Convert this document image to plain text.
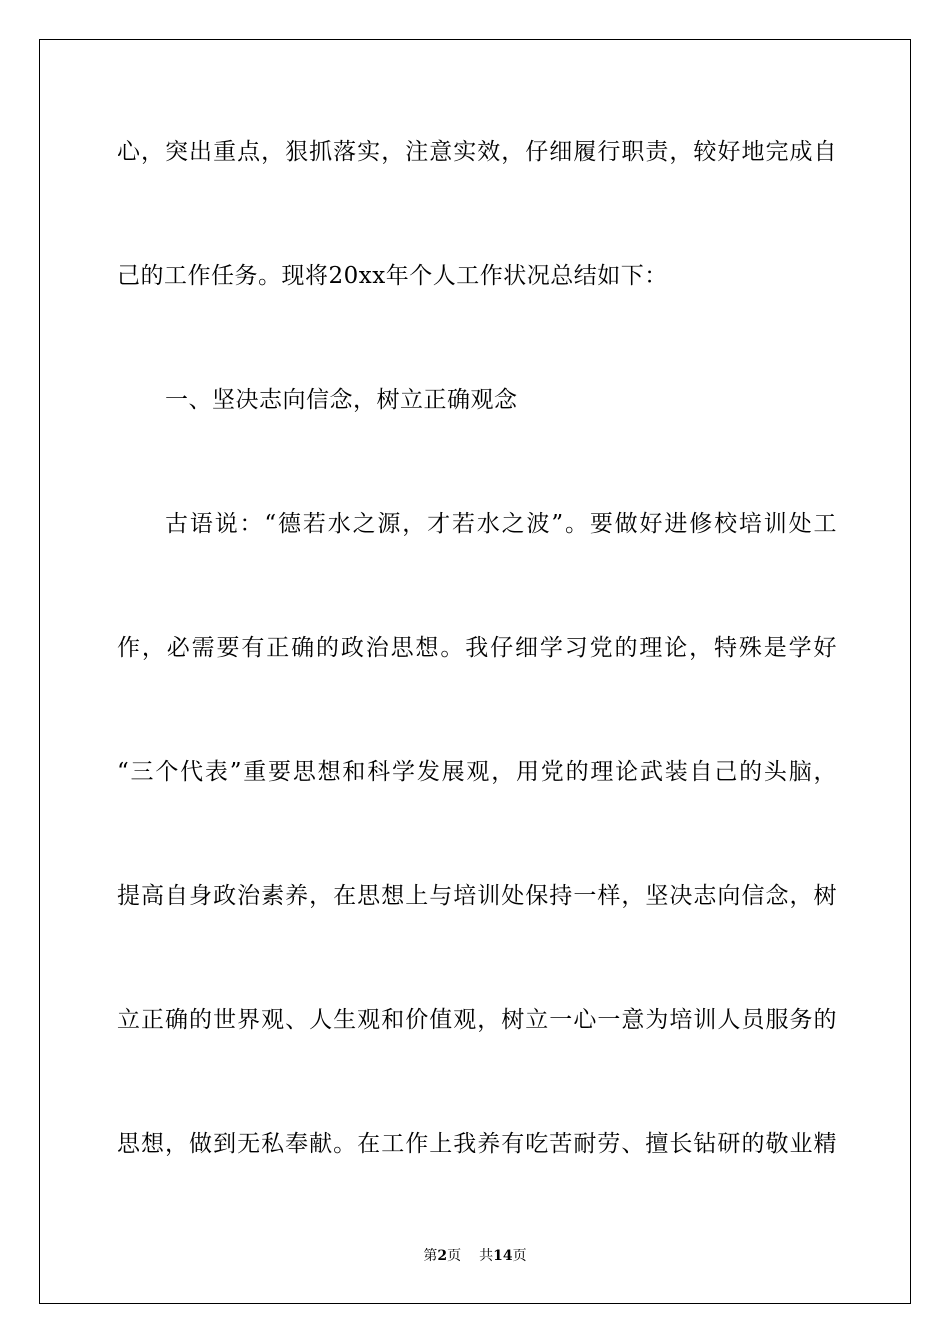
心，突出重点，狠抓落实，注意实效，仔细履行职责，较好地完成自
己的工作任务。现将20xx年个人工作状况总结如下：
一、坚决志向信念，树立正确观念
古语说：“德若水之源，才若水之波”。要做好进修校培训处工
作，必需要有正确的政治思想。我仔细学习党的理论，特殊是学好
“三个代表”重要思想和科学发展观，用党的理论武装自己的头脑，
提高自身政治素养，在思想上与培训处保持一样，坚决志向信念，树
立正确的世界观、人生观和价值观，树立一心一意为培训人员服务的
思想，做到无私奉献。在工作上我养有吃苦耐劳、擅长钻研的敬业精
第2页 共14页
